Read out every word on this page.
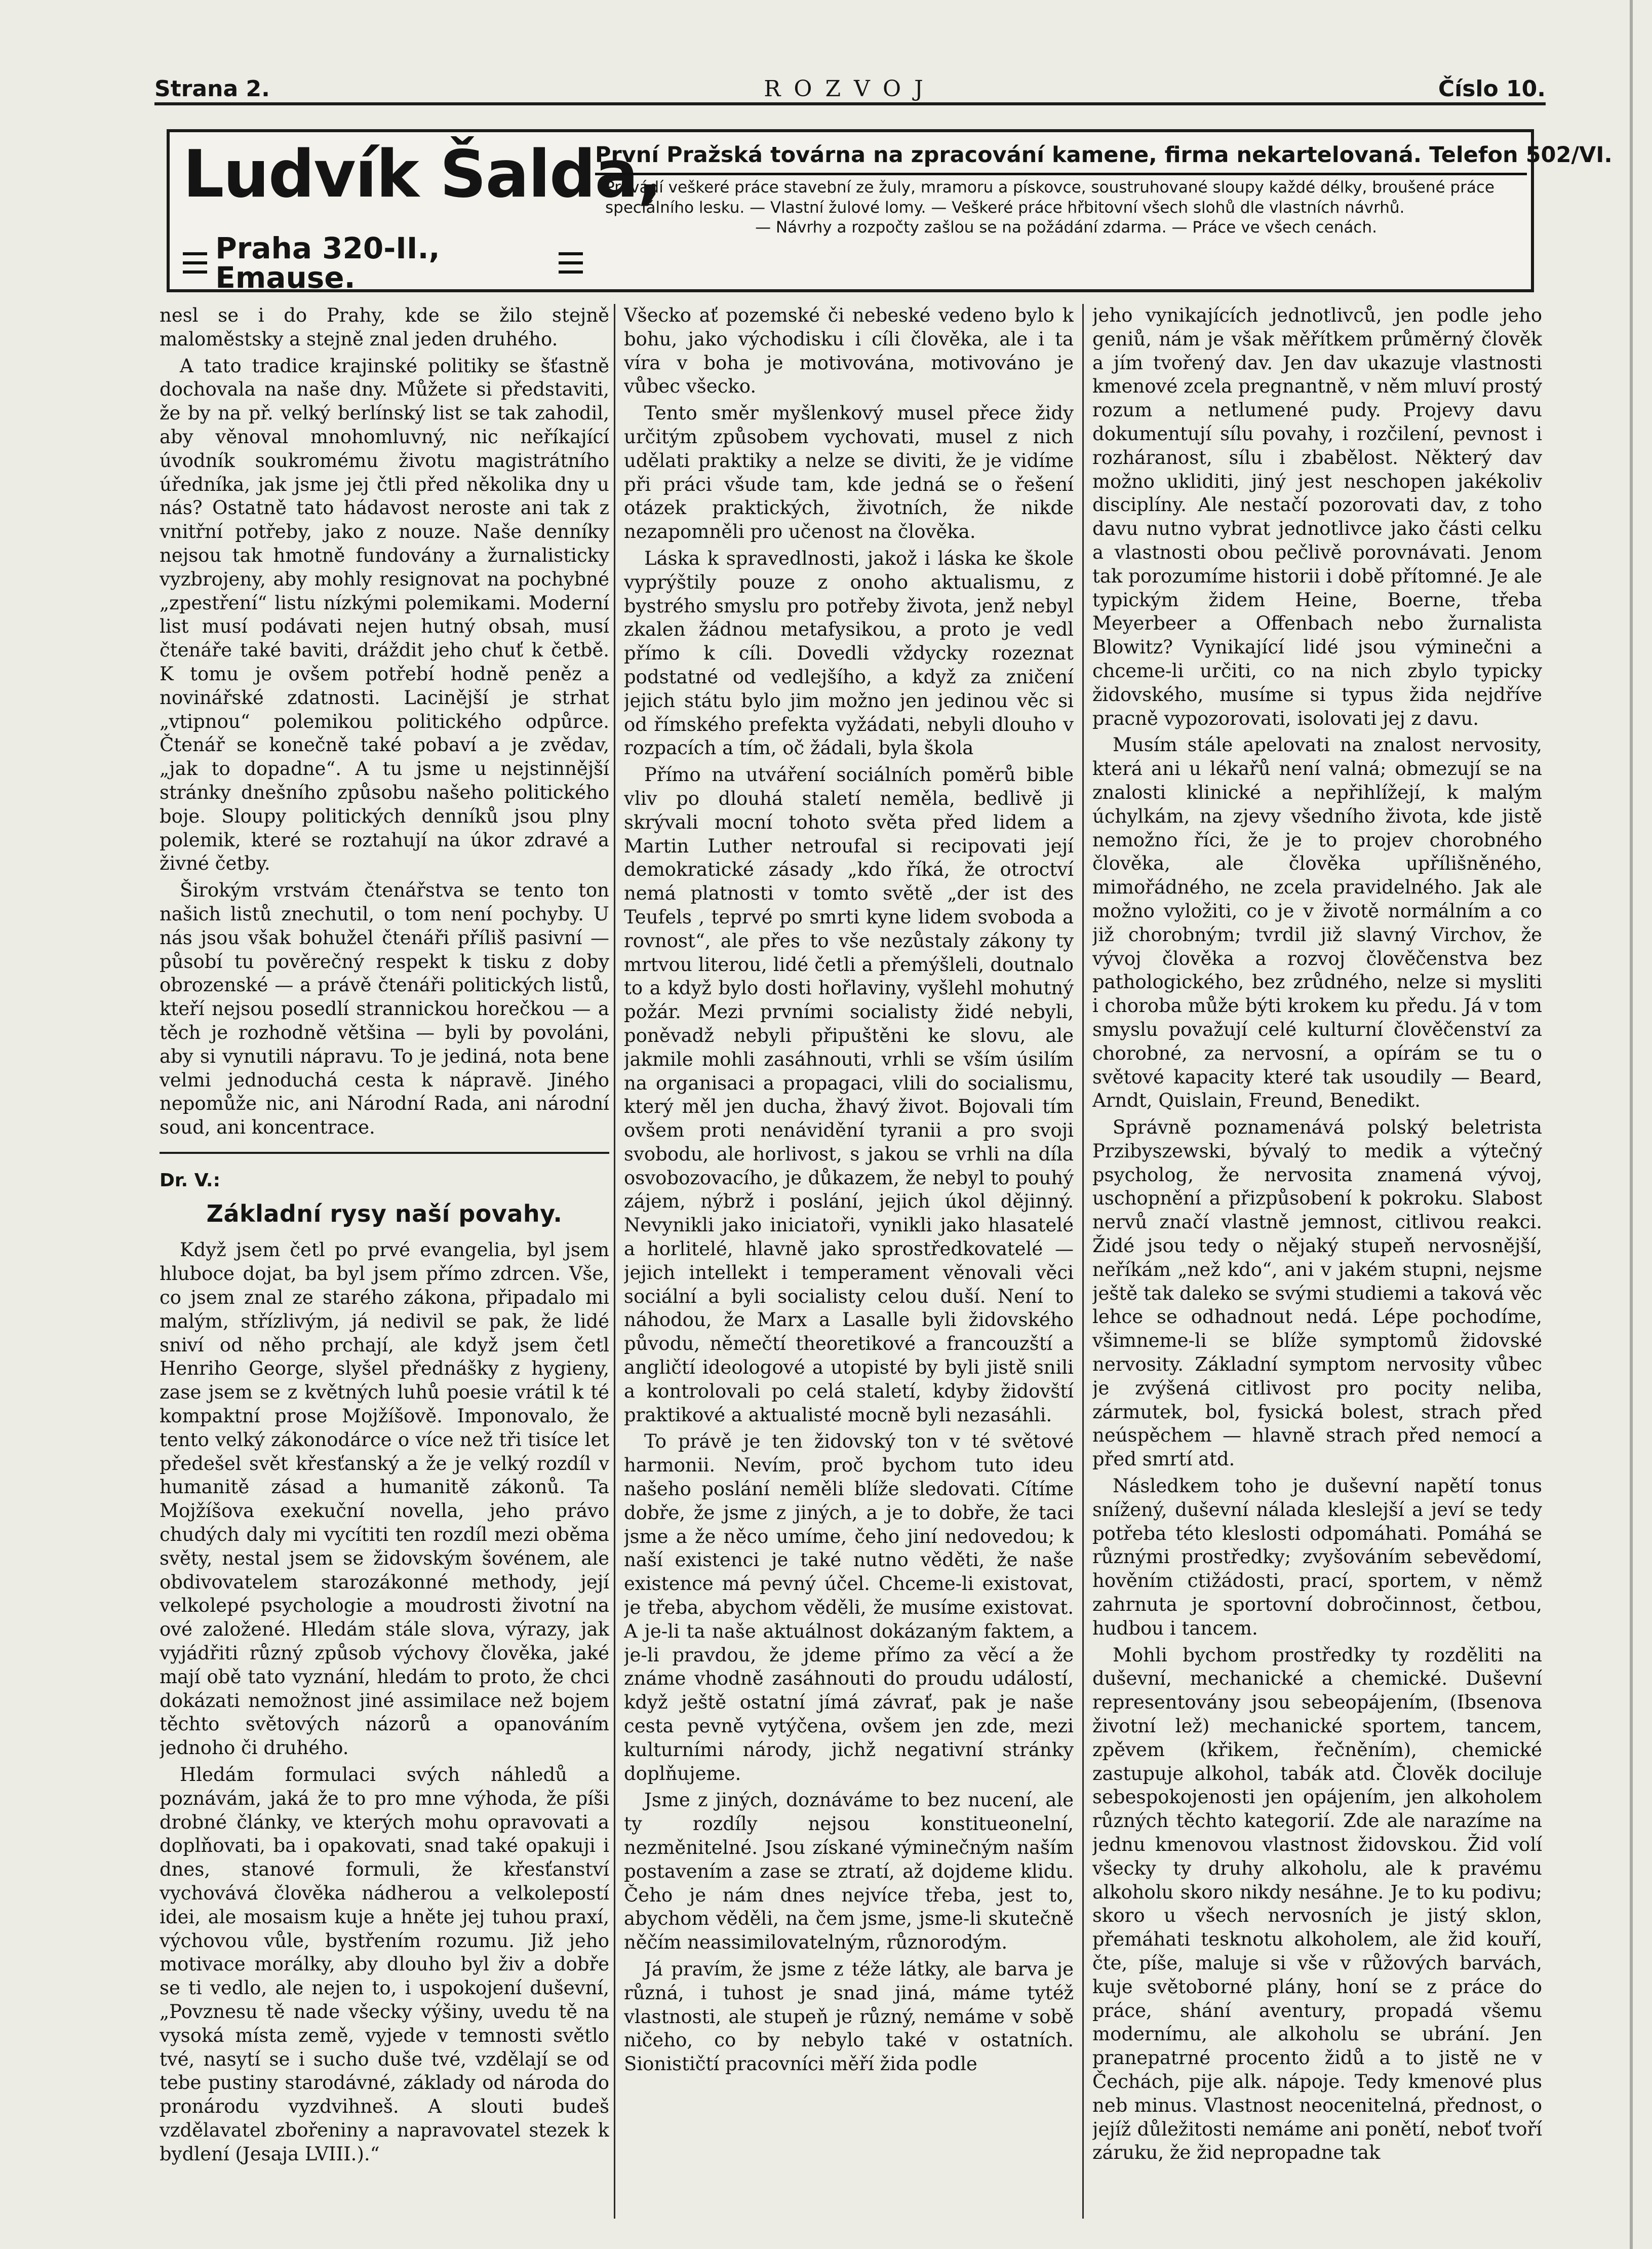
Strana 2.	ROZVOJ	Číslo 10.
Ludvík Šalda,
Praha 320-II., Emause.
První Pražská továrna na zpracování kamene, firma nekartelovaná. Telefon 502/VI.

Provádí veškeré práce stavební ze žuly, mramoru a pískovce, soustruhované sloupy každé délky, broušené práce speciálního lesku. — Vlastní žulové lomy. — Veškeré práce hřbitovní všech slohů dle vlastních návrhů.

— Návrhy a rozpočty zašlou se na požádání zdarma. — Práce ve všech cenách.

nesl se i do Prahy, kde se žilo stejně maloměstsky a stejně znal jeden druhého.

A tato tradice krajinské politiky se šťastně dochovala na naše dny. Můžete si představiti, že by na př. velký berlínský list se tak zahodil, aby věnoval mnohomluvný, nic neříkající úvodník soukromému životu magistrátního úředníka, jak jsme jej čtli před několika dny u nás? Ostatně tato hádavost neroste ani tak z vnitřní potřeby, jako z nouze. Naše denníky nejsou tak hmotně fundovány a žurnalisticky vyzbrojeny, aby mohly resignovat na pochybné „zpestření“ listu nízkými polemikami. Moderní list musí podávati nejen hutný obsah, musí čtenáře také baviti, dráždit jeho chuť k četbě. K tomu je ovšem potřebí hodně peněz a novinářské zdatnosti. Lacinější je strhat „vtipnou“ polemikou politického odpůrce. Čtenář se konečně také pobaví a je zvědav, „jak to dopadne“. A tu jsme u nejstinnější stránky dnešního způsobu našeho politického boje. Sloupy politických denníků jsou plny polemik, které se roztahují na úkor zdravé a živné četby.

Širokým vrstvám čtenářstva se tento ton našich listů znechutil, o tom není pochyby. U nás jsou však bohužel čtenáři příliš pasivní — působí tu pověrečný respekt k tisku z doby obrozenské — a právě čtenáři politických listů, kteří nejsou posedlí strannickou horečkou — a těch je rozhodně většina — byli by povoláni, aby si vynutili nápravu. To je jediná, nota bene velmi jednoduchá cesta k nápravě. Jiného nepomůže nic, ani Národní Rada, ani národní soud, ani koncentrace.

Dr. V.:
Základní rysy naší povahy.

Když jsem četl po prvé evangelia, byl jsem hluboce dojat, ba byl jsem přímo zdrcen. Vše, co jsem znal ze starého zákona, připadalo mi malým, střízlivým, já nedivil se pak, že lidé sniví od něho prchají, ale když jsem četl Henriho George, slyšel přednášky z hygieny, zase jsem se z květných luhů poesie vrátil k té kompaktní prose Mojžíšově. Imponovalo, že tento velký zákonodárce o více než tři tisíce let předešel svět křesťanský a že je velký rozdíl v humanitě zásad a humanitě zákonů. Ta Mojžíšova exekuční novella, jeho právo chudých daly mi vycítiti ten rozdíl mezi oběma světy, nestal jsem se židovským šovénem, ale obdivovatelem starozákonné methody, její velkolepé psychologie a moudrosti životní na ové založené. Hledám stále slova, výrazy, jak vyjádřiti různý způsob výchovy člověka, jaké mají obě tato vyznání, hledám to proto, že chci dokázati nemožnost jiné assimilace než bojem těchto světových názorů a opanováním jednoho či druhého.

Hledám formulaci svých náhledů a poznávám, jaká že to pro mne výhoda, že píši drobné články, ve kterých mohu opravovati a doplňovati, ba i opakovati, snad také opakuji i dnes, stanové formuli, že křesťanství vychovává člověka nádherou a velkolepostí idei, ale mosaism kuje a hněte jej tuhou praxí, výchovou vůle, bystřením rozumu. Již jeho motivace morálky, aby dlouho byl živ a dobře se ti vedlo, ale nejen to, i uspokojení duševní, „Povznesu tě nade všecky výšiny, uvedu tě na vysoká místa země, vyjede v temnosti světlo tvé, nasytí se i sucho duše tvé, vzdělají se od tebe pustiny starodávné, základy od národa do pronárodu vyzdvihneš. A slouti budeš vzdělavatel zbořeniny a napravovatel stezek k bydlení (Jesaja LVIII.).“

Všecko ať pozemské či nebeské vedeno bylo k bohu, jako východisku i cíli člověka, ale i ta víra v boha je motivována, motivováno je vůbec všecko.

Tento směr myšlenkový musel přece židy určitým způsobem vychovati, musel z nich udělati praktiky a nelze se diviti, že je vidíme při práci všude tam, kde jedná se o řešení otázek praktických, životních, že nikde nezapomněli pro učenost na člověka.

Láska k spravedlnosti, jakož i láska ke škole vyprýštily pouze z onoho aktualismu, z bystrého smyslu pro potřeby života, jenž nebyl zkalen žádnou metafysikou, a proto je vedl přímo k cíli. Dovedli vždycky rozeznat podstatné od vedlejšího, a když za zničení jejich státu bylo jim možno jen jedinou věc si od římského prefekta vyžádati, nebyli dlouho v rozpacích a tím, oč žádali, byla škola

Přímo na utváření sociálních poměrů bible vliv po dlouhá staletí neměla, bedlivě ji skrývali mocní tohoto světa před lidem a Martin Luther netroufal si recipovati její demokratické zásady „kdo říká, že otroctví nemá platnosti v tomto světě „der ist des Teufels , teprvé po smrti kyne lidem svoboda a rovnost“, ale přes to vše nezůstaly zákony ty mrtvou literou, lidé četli a přemýšleli, doutnalo to a když bylo dosti hořlaviny, vyšlehl mohutný požár. Mezi prvními socialisty židé nebyli, poněvadž nebyli připuštěni ke slovu, ale jakmile mohli zasáhnouti, vrhli se vším úsilím na organisaci a propagaci, vlili do socialismu, který měl jen ducha, žhavý život. Bojovali tím ovšem proti nenávidění tyranii a pro svoji svobodu, ale horlivost, s jakou se vrhli na díla osvobozovacího, je důkazem, že nebyl to pouhý zájem, nýbrž i poslání, jejich úkol dějinný. Nevynikli jako iniciatoři, vynikli jako hlasatelé a horlitelé, hlavně jako sprostředkovatelé — jejich intellekt i temperament věnovali věci sociální a byli socialisty celou duší. Není to náhodou, že Marx a Lasalle byli židovského původu, němečtí theoretikové a francouzští a angličtí ideologové a utopisté by byli jistě snili a kontrolovali po celá staletí, kdyby židovští praktikové a aktualisté mocně byli nezasáhli.

To právě je ten židovský ton v té světové harmonii. Nevím, proč bychom tuto ideu našeho poslání neměli blíže sledovati. Cítíme dobře, že jsme z jiných, a je to dobře, že taci jsme a že něco umíme, čeho jiní nedovedou; k naší existenci je také nutno věděti, že naše existence má pevný účel. Chceme-li existovat, je třeba, abychom věděli, že musíme existovat. A je-li ta naše aktuálnost dokázaným faktem, a je-li pravdou, že jdeme přímo za věcí a že známe vhodně zasáhnouti do proudu událostí, když ještě ostatní jímá závrať, pak je naše cesta pevně vytýčena, ovšem jen zde, mezi kulturními národy, jichž negativní stránky doplňujeme.

Jsme z jiných, doznáváme to bez nucení, ale ty rozdíly nejsou konstitueonelní, nezměnitelné. Jsou získané výminečným naším postavením a zase se ztratí, až dojdeme klidu. Čeho je nám dnes nejvíce třeba, jest to, abychom věděli, na čem jsme, jsme-li skutečně něčím neassimilovatelným, různorodým.

Já pravím, že jsme z téže látky, ale barva je různá, i tuhost je snad jiná, máme tytéž vlastnosti, ale stupeň je různý, nemáme v sobě ničeho, co by nebylo také v ostatních. Sionističtí pracovníci měří žida podle

jeho vynikajících jednotlivců, jen podle jeho geniů, nám je však měřítkem průměrný člověk a jím tvořený dav. Jen dav ukazuje vlastnosti kmenové zcela pregnantně, v něm mluví prostý rozum a netlumené pudy. Projevy davu dokumentují sílu povahy, i rozčilení, pevnost i rozháranost, sílu i zbabělost. Některý dav možno ukliditi, jiný jest neschopen jakékoliv disciplíny. Ale nestačí pozorovati dav, z toho davu nutno vybrat jednotlivce jako části celku a vlastnosti obou pečlivě porovnávati. Jenom tak porozumíme historii i době přítomné. Je ale typickým židem Heine, Boerne, třeba Meyerbeer a Offenbach nebo žurnalista Blowitz? Vynikající lidé jsou výminečni a chceme-li určiti, co na nich zbylo typicky židovského, musíme si typus žida nejdříve pracně vypozorovati, isolovati jej z davu.

Musím stále apelovati na znalost nervosity, která ani u lékařů není valná; obmezují se na znalosti klinické a nepřihlížejí, k malým úchylkám, na zjevy všedního života, kde jistě nemožno říci, že je to projev chorobného člověka, ale člověka upřílišněného, mimořádného, ne zcela pravidelného. Jak ale možno vyložiti, co je v životě normálním a co již chorobným; tvrdil již slavný Virchov, že vývoj člověka a rozvoj člověčenstva bez pathologického, bez zrůdného, nelze si mysliti i choroba může býti krokem ku předu. Já v tom smyslu považují celé kulturní člověčenství za chorobné, za nervosní, a opírám se tu o světové kapacity které tak usoudily — Beard, Arndt, Quislain, Freund, Benedikt.

Správně poznamenává polský beletrista Przibyszewski, bývalý to medik a výtečný psycholog, že nervosita znamená vývoj, uschopnění a přizpůsobení k pokroku. Slabost nervů značí vlastně jemnost, citlivou reakci. Židé jsou tedy o nějaký stupeň nervosnější, neříkám „než kdo“, ani v jakém stupni, nejsme ještě tak daleko se svými studiemi a taková věc lehce se odhadnout nedá. Lépe pochodíme, všimneme-li se blíže symptomů židovské nervosity. Základní symptom nervosity vůbec je zvýšená citlivost pro pocity neliba, zármutek, bol, fysická bolest, strach před neúspěchem — hlavně strach před nemocí a před smrtí atd.

Následkem toho je duševní napětí tonus snížený, duševní nálada kleslejší a jeví se tedy potřeba této kleslosti odpomáhati. Pomáhá se různými prostředky; zvyšováním sebevědomí, hověním ctižádosti, prací, sportem, v němž zahrnuta je sportovní dobročinnost, četbou, hudbou i tancem.

Mohli bychom prostředky ty rozděliti na duševní, mechanické a chemické. Duševní representovány jsou sebeopájením, (Ibsenova životní lež) mechanické sportem, tancem, zpěvem (křikem, řečněním), chemické zastupuje alkohol, tabák atd. Člověk dociluje sebespokojenosti jen opájením, jen alkoholem různých těchto kategorií. Zde ale narazíme na jednu kmenovou vlastnost židovskou. Žid volí všecky ty druhy alkoholu, ale k pravému alkoholu skoro nikdy nesáhne. Je to ku podivu; skoro u všech nervosních je jistý sklon, přemáhati tesknotu alkoholem, ale žid kouří, čte, píše, maluje si vše v růžových barvách, kuje světoborné plány, honí se z práce do práce, shání aventury, propadá všemu modernímu, ale alkoholu se ubrání. Jen pranepatrné procento židů a to jistě ne v Čechách, pije alk. nápoje. Tedy kmenové plus neb minus. Vlastnost neocenitelná, přednost, o jejíž důležitosti nemáme ani ponětí, neboť tvoří záruku, že žid nepropadne tak
